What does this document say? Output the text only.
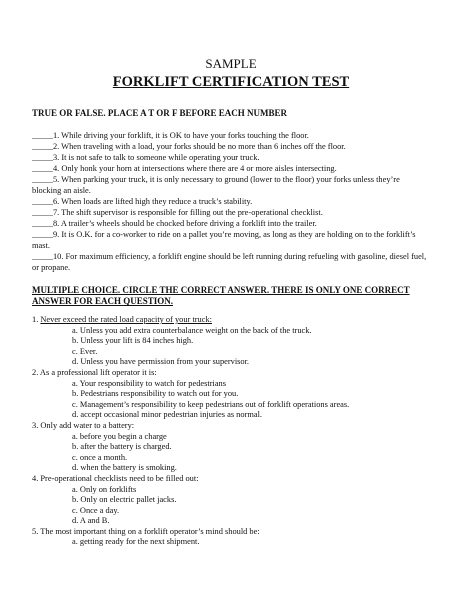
SAMPLE

FORKLIFT CERTIFICATION TEST

TRUE OR FALSE. PLACE A T OR F BEFORE EACH NUMBER

_____1. While driving your forklift, it is OK to have your forks touching the floor.

_____2. When traveling with a load, your forks should be no more than 6 inches off the floor.

_____3. It is not safe to talk to someone while operating your truck.

_____4. Only honk your horn at intersections where there are 4 or more aisles intersecting.

_____5. When parking your truck, it is only necessary to ground (lower to the floor) your forks unless they’re blocking an aisle.

_____6. When loads are lifted high they reduce a truck’s stability.

_____7. The shift supervisor is responsible for filling out the pre-operational checklist.

_____8. A trailer’s wheels should be chocked before driving a forklift into the trailer.

_____9. It is O.K. for a co-worker to ride on a pallet you’re moving, as long as they are holding on to the forklift’s mast.

_____10. For maximum efficiency, a forklift engine should be left running during refueling with gasoline, diesel fuel, or propane.

MULTIPLE CHOICE. CIRCLE THE CORRECT ANSWER. THERE IS ONLY ONE CORRECT ANSWER FOR EACH QUESTION.

1. Never exceed the rated load capacity of your truck:

a. Unless you add extra counterbalance weight on the back of the truck.

b. Unless your lift is 84 inches high.

c. Ever.

d. Unless you have permission from your supervisor.

2. As a professional lift operator it is:

a. Your responsibility to watch for pedestrians

b. Pedestrians responsibility to watch out for you.

c. Management’s responsibility to keep pedestrians out of forklift operations areas.

d. accept occasional minor pedestrian injuries as normal.

3. Only add water to a battery:

a. before you begin a charge

b. after the battery is charged.

c. once a month.

d. when the battery is smoking.

4. Pre-operational checklists need to be filled out:

a. Only on forklifts

b. Only on electric pallet jacks.

c. Once a day.

d. A and B.

5. The most important thing on a forklift operator’s mind should be:

a. getting ready for the next shipment.
